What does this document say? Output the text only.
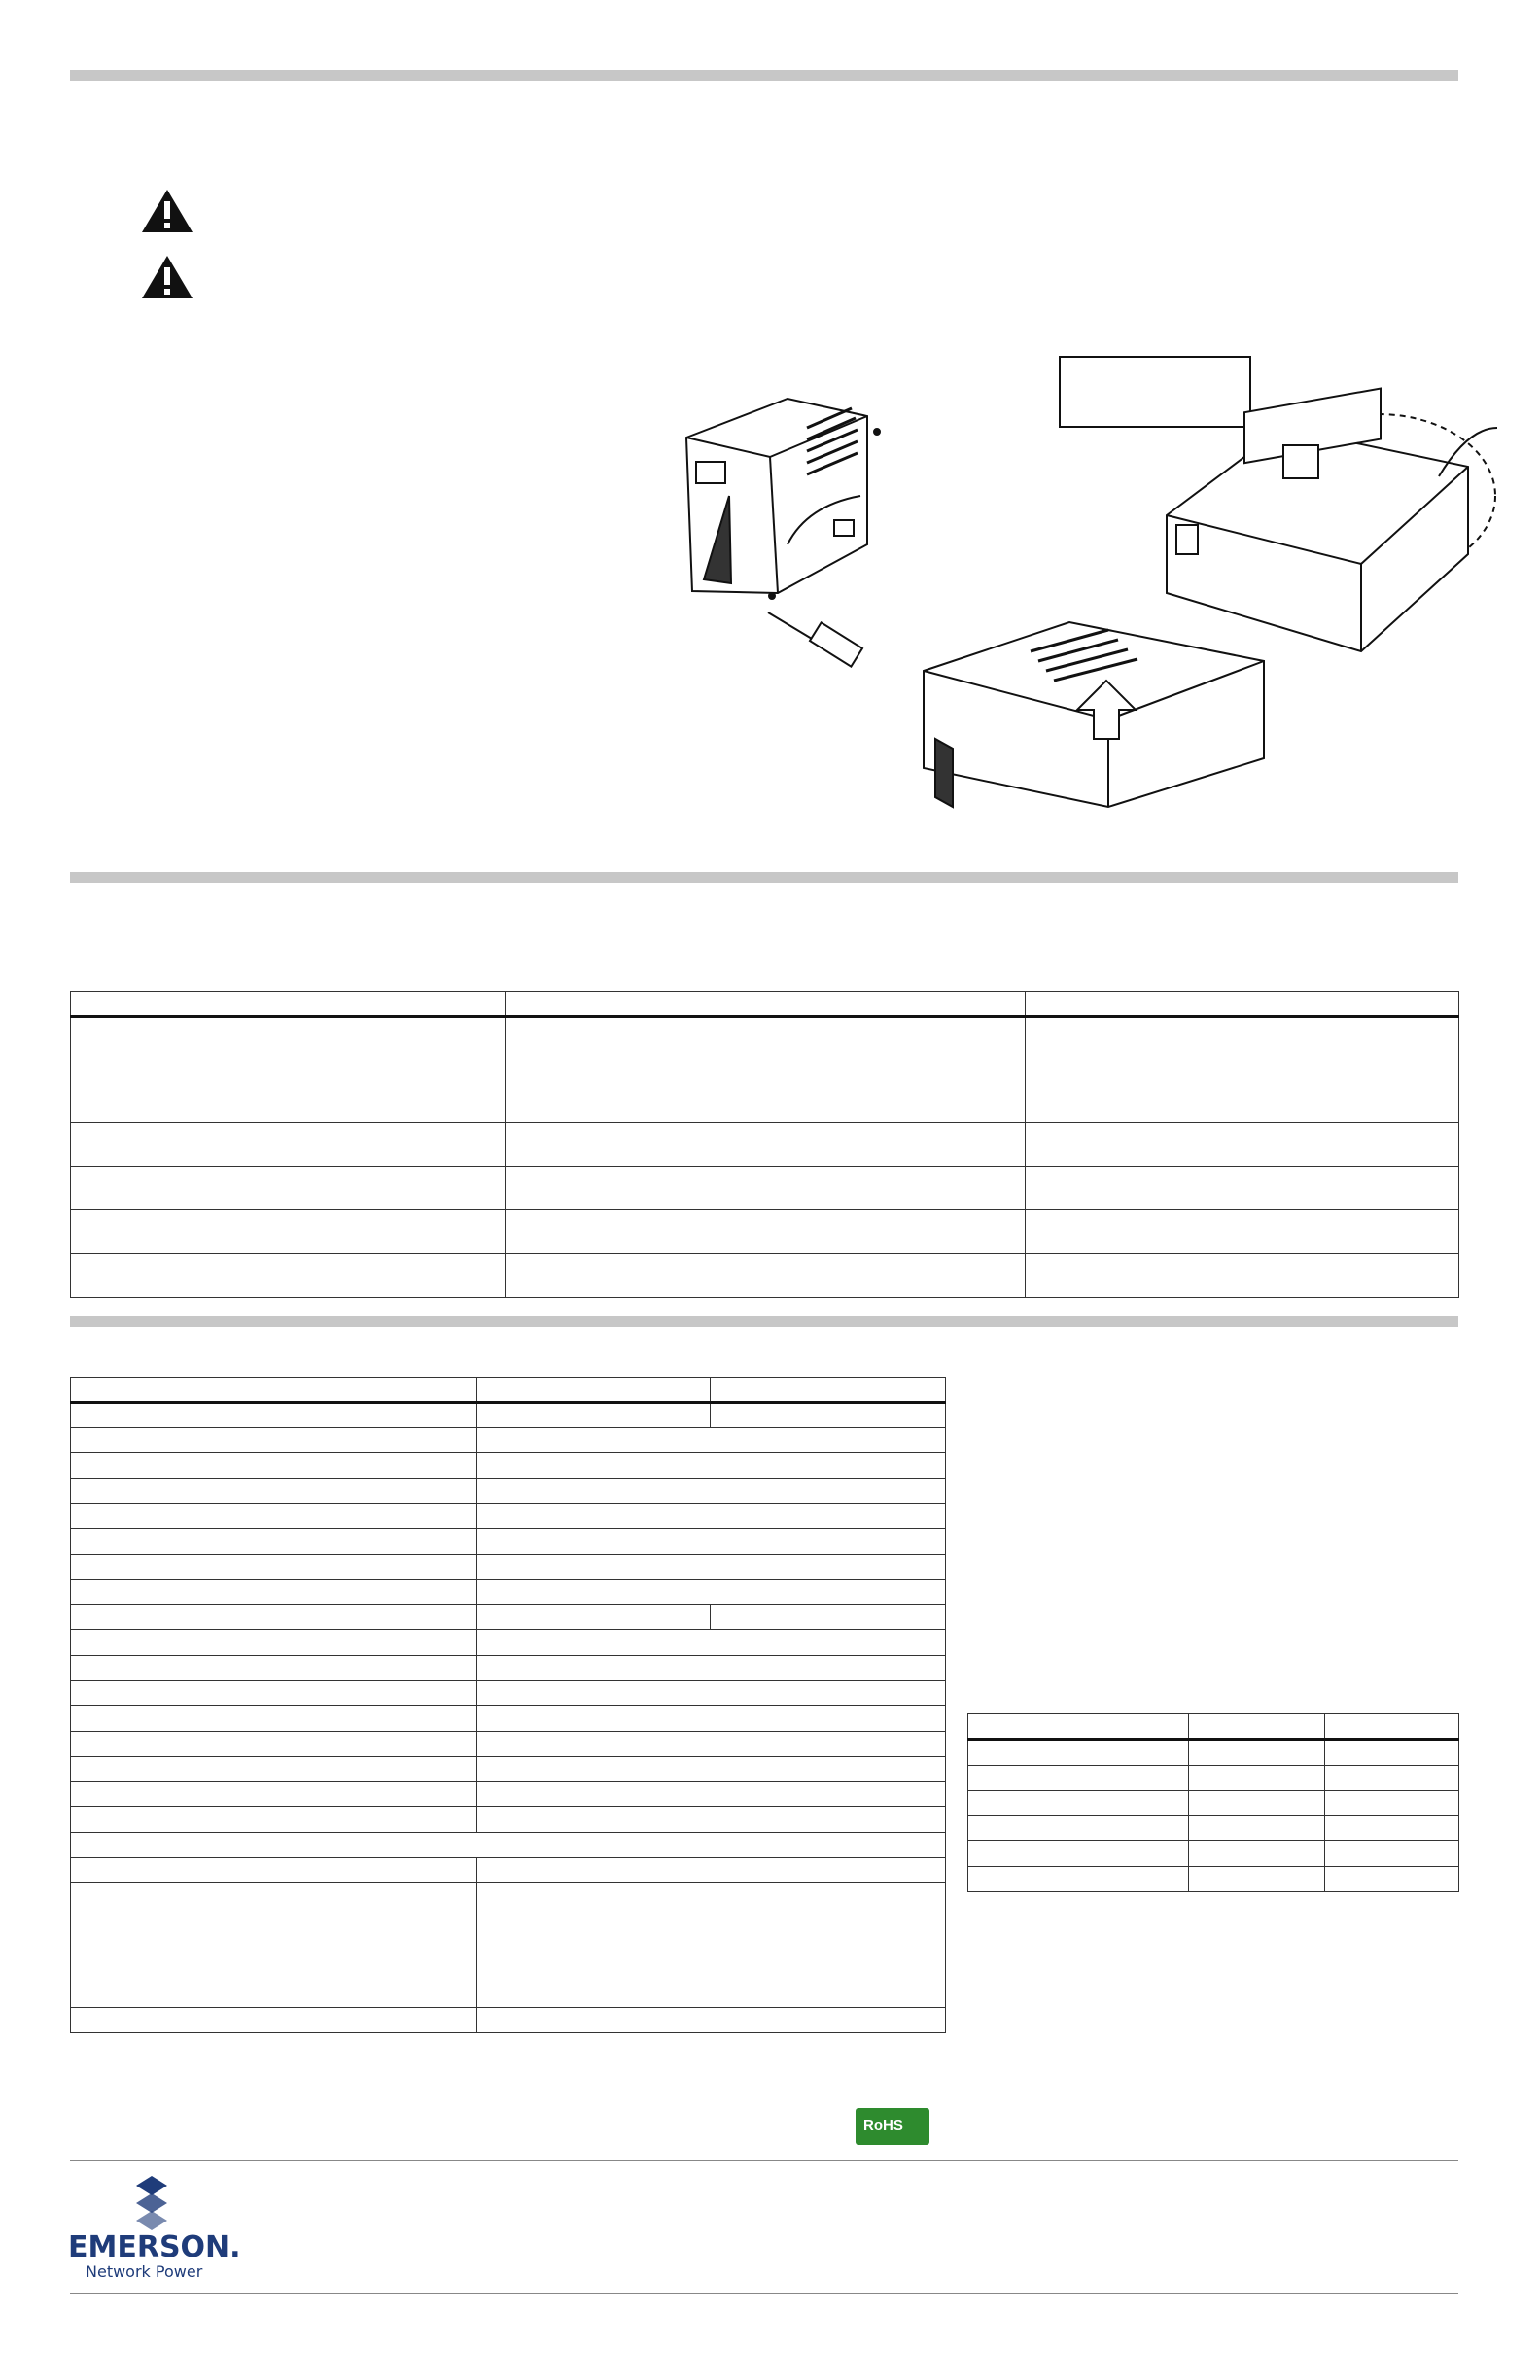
RoHS
EMERSON.
Network Power
